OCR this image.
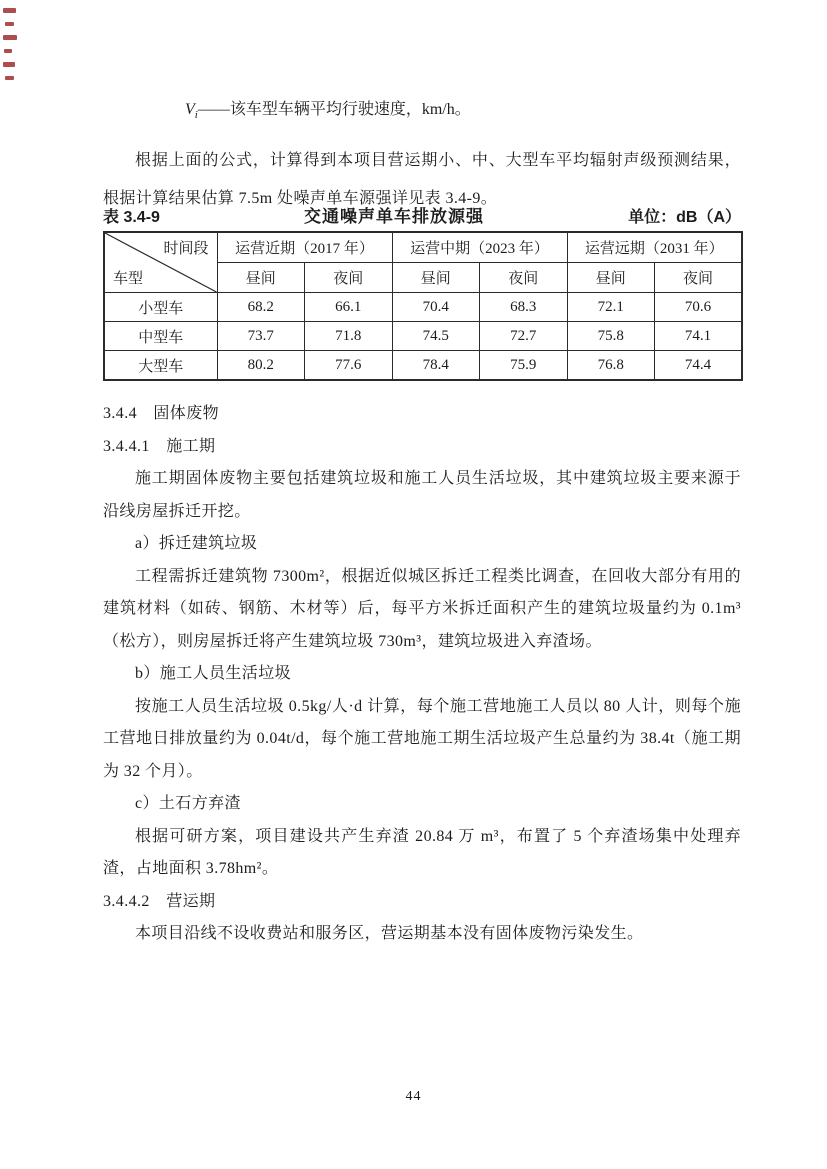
$V_i——$该车型车辆平均行驶速度，km/h。

根据上面的公式，计算得到本项目营运期小、中、大型车平均辐射声级预测结果，根据计算结果估算 7.5m 处噪声单车源强详见表 3.4-9。

表 3.4-9	交通噪声单车排放源强	单位：dB（A）
时间段
车型	运营近期（2017 年）		运营中期（2023 年）		运营远期（2031 年）	
	昼间	夜间	昼间	夜间	昼间	夜间
小型车	68.2	66.1	70.4	68.3	72.1	70.6
中型车	73.7	71.8	74.5	72.7	75.8	74.1
大型车	80.2	77.6	78.4	75.9	76.8	74.4
3.4.4　固体废物
3.4.4.1　施工期

施工期固体废物主要包括建筑垃圾和施工人员生活垃圾，其中建筑垃圾主要来源于沿线房屋拆迁开挖。

a）拆迁建筑垃圾

工程需拆迁建筑物 7300m²，根据近似城区拆迁工程类比调查，在回收大部分有用的建筑材料（如砖、钢筋、木材等）后，每平方米拆迁面积产生的建筑垃圾量约为 0.1m³（松方），则房屋拆迁将产生建筑垃圾 730m³，建筑垃圾进入弃渣场。

b）施工人员生活垃圾

按施工人员生活垃圾 0.5kg/人·d 计算，每个施工营地施工人员以 80 人计，则每个施工营地日排放量约为 0.04t/d，每个施工营地施工期生活垃圾产生总量约为 38.4t（施工期为 32 个月）。

c）土石方弃渣

根据可研方案，项目建设共产生弃渣 20.84 万 m³，布置了 5 个弃渣场集中处理弃渣，占地面积 3.78hm²。

3.4.4.2　营运期

本项目沿线不设收费站和服务区，营运期基本没有固体废物污染发生。

44
